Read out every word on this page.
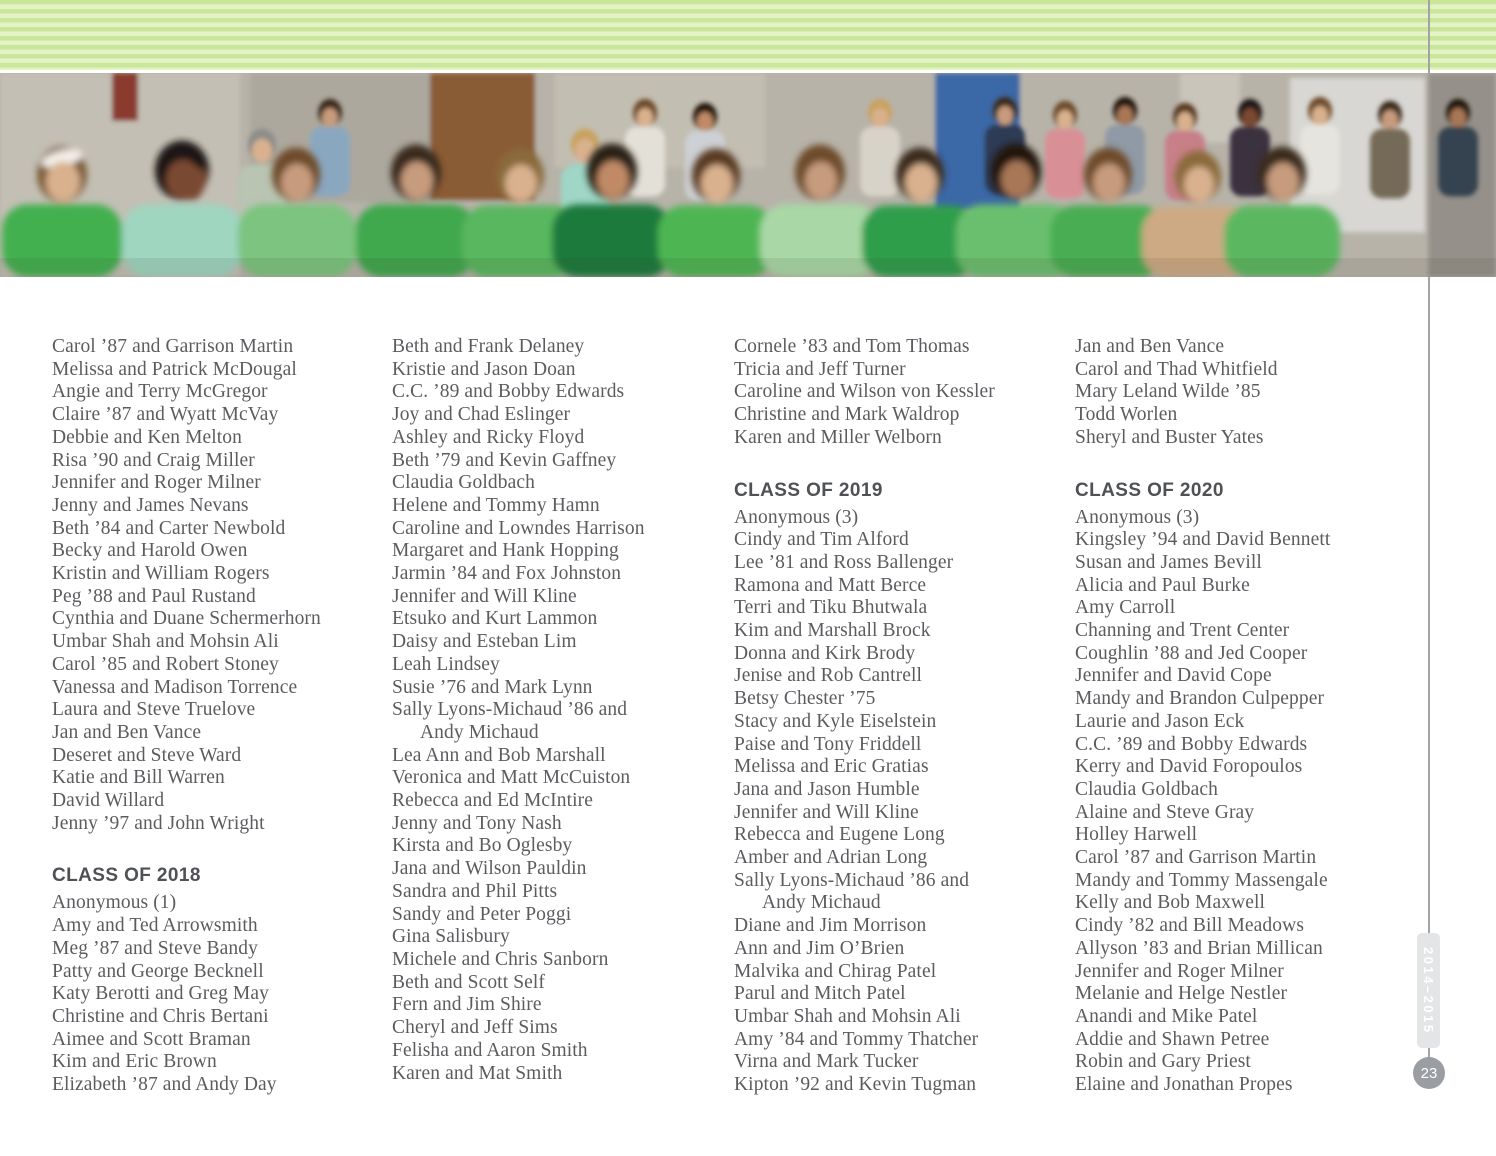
Carol ’87 and Garrison Martin
Melissa and Patrick McDougal
Angie and Terry McGregor
Claire ’87 and Wyatt McVay
Debbie and Ken Melton
Risa ’90 and Craig Miller
Jennifer and Roger Milner
Jenny and James Nevans
Beth ’84 and Carter Newbold
Becky and Harold Owen
Kristin and William Rogers
Peg ’88 and Paul Rustand
Cynthia and Duane Schermerhorn
Umbar Shah and Mohsin Ali
Carol ’85 and Robert Stoney
Vanessa and Madison Torrence
Laura and Steve Truelove
Jan and Ben Vance
Deseret and Steve Ward
Katie and Bill Warren
David Willard
Jenny ’97 and John Wright
CLASS OF 2018
Anonymous (1)
Amy and Ted Arrowsmith
Meg ’87 and Steve Bandy
Patty and George Becknell
Katy Berotti and Greg May
Christine and Chris Bertani
Aimee and Scott Braman
Kim and Eric Brown
Elizabeth ’87 and Andy Day
Beth and Frank Delaney
Kristie and Jason Doan
C.C. ’89 and Bobby Edwards
Joy and Chad Eslinger
Ashley and Ricky Floyd
Beth ’79 and Kevin Gaffney
Claudia Goldbach
Helene and Tommy Hamn
Caroline and Lowndes Harrison
Margaret and Hank Hopping
Jarmin ’84 and Fox Johnston
Jennifer and Will Kline
Etsuko and Kurt Lammon
Daisy and Esteban Lim
Leah Lindsey
Susie ’76 and Mark Lynn
Sally Lyons-Michaud ’86 and
Andy Michaud
Lea Ann and Bob Marshall
Veronica and Matt McCuiston
Rebecca and Ed McIntire
Jenny and Tony Nash
Kirsta and Bo Oglesby
Jana and Wilson Pauldin
Sandra and Phil Pitts
Sandy and Peter Poggi
Gina Salisbury
Michele and Chris Sanborn
Beth and Scott Self
Fern and Jim Shire
Cheryl and Jeff Sims
Felisha and Aaron Smith
Karen and Mat Smith
Cornele ’83 and Tom Thomas
Tricia and Jeff Turner
Caroline and Wilson von Kessler
Christine and Mark Waldrop
Karen and Miller Welborn
CLASS OF 2019
Anonymous (3)
Cindy and Tim Alford
Lee ’81 and Ross Ballenger
Ramona and Matt Berce
Terri and Tiku Bhutwala
Kim and Marshall Brock
Donna and Kirk Brody
Jenise and Rob Cantrell
Betsy Chester ’75
Stacy and Kyle Eiselstein
Paise and Tony Friddell
Melissa and Eric Gratias
Jana and Jason Humble
Jennifer and Will Kline
Rebecca and Eugene Long
Amber and Adrian Long
Sally Lyons-Michaud ’86 and
Andy Michaud
Diane and Jim Morrison
Ann and Jim O’Brien
Malvika and Chirag Patel
Parul and Mitch Patel
Umbar Shah and Mohsin Ali
Amy ’84 and Tommy Thatcher
Virna and Mark Tucker
Kipton ’92 and Kevin Tugman
Jan and Ben Vance
Carol and Thad Whitfield
Mary Leland Wilde ’85
Todd Worlen
Sheryl and Buster Yates
CLASS OF 2020
Anonymous (3)
Kingsley ’94 and David Bennett
Susan and James Bevill
Alicia and Paul Burke
Amy Carroll
Channing and Trent Center
Coughlin ’88 and Jed Cooper
Jennifer and David Cope
Mandy and Brandon Culpepper
Laurie and Jason Eck
C.C. ’89 and Bobby Edwards
Kerry and David Foropoulos
Claudia Goldbach
Alaine and Steve Gray
Holley Harwell
Carol ’87 and Garrison Martin
Mandy and Tommy Massengale
Kelly and Bob Maxwell
Cindy ’82 and Bill Meadows
Allyson ’83 and Brian Millican
Jennifer and Roger Milner
Melanie and Helge Nestler
Anandi and Mike Patel
Addie and Shawn Petree
Robin and Gary Priest
Elaine and Jonathan Propes
2014–2015
23
